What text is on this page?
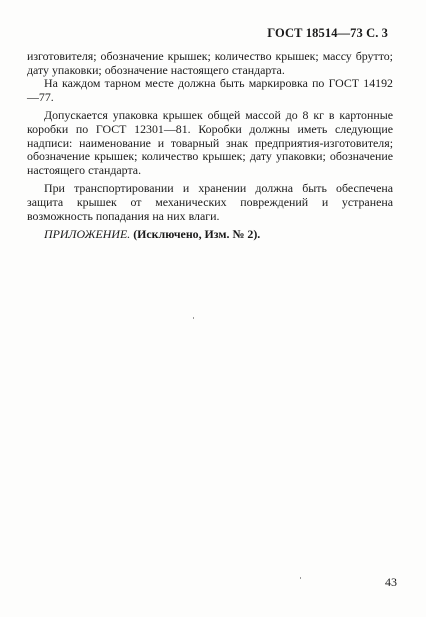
ГОСТ 18514—73 С. 3

изготовителя; обозначение крышек; количество крышек; массу брутто; дату упаковки; обозначение настоящего стандарта.

На каждом тарном месте должна быть маркировка по ГОСТ 14192—77.

Допускается упаковка крышек общей массой до 8 кг в картонные коробки по ГОСТ 12301—81. Коробки должны иметь следующие надписи: наименование и товарный знак предприятия-изготовителя; обозначение крышек; количество крышек; дату упаковки; обозначение настоящего стандарта.

При транспортировании и хранении должна быть обеспечена защита крышек от механических повреждений и устранена возможность попадания на них влаги.

ПРИЛОЖЕНИЕ. (Исключено, Изм. № 2).

43
